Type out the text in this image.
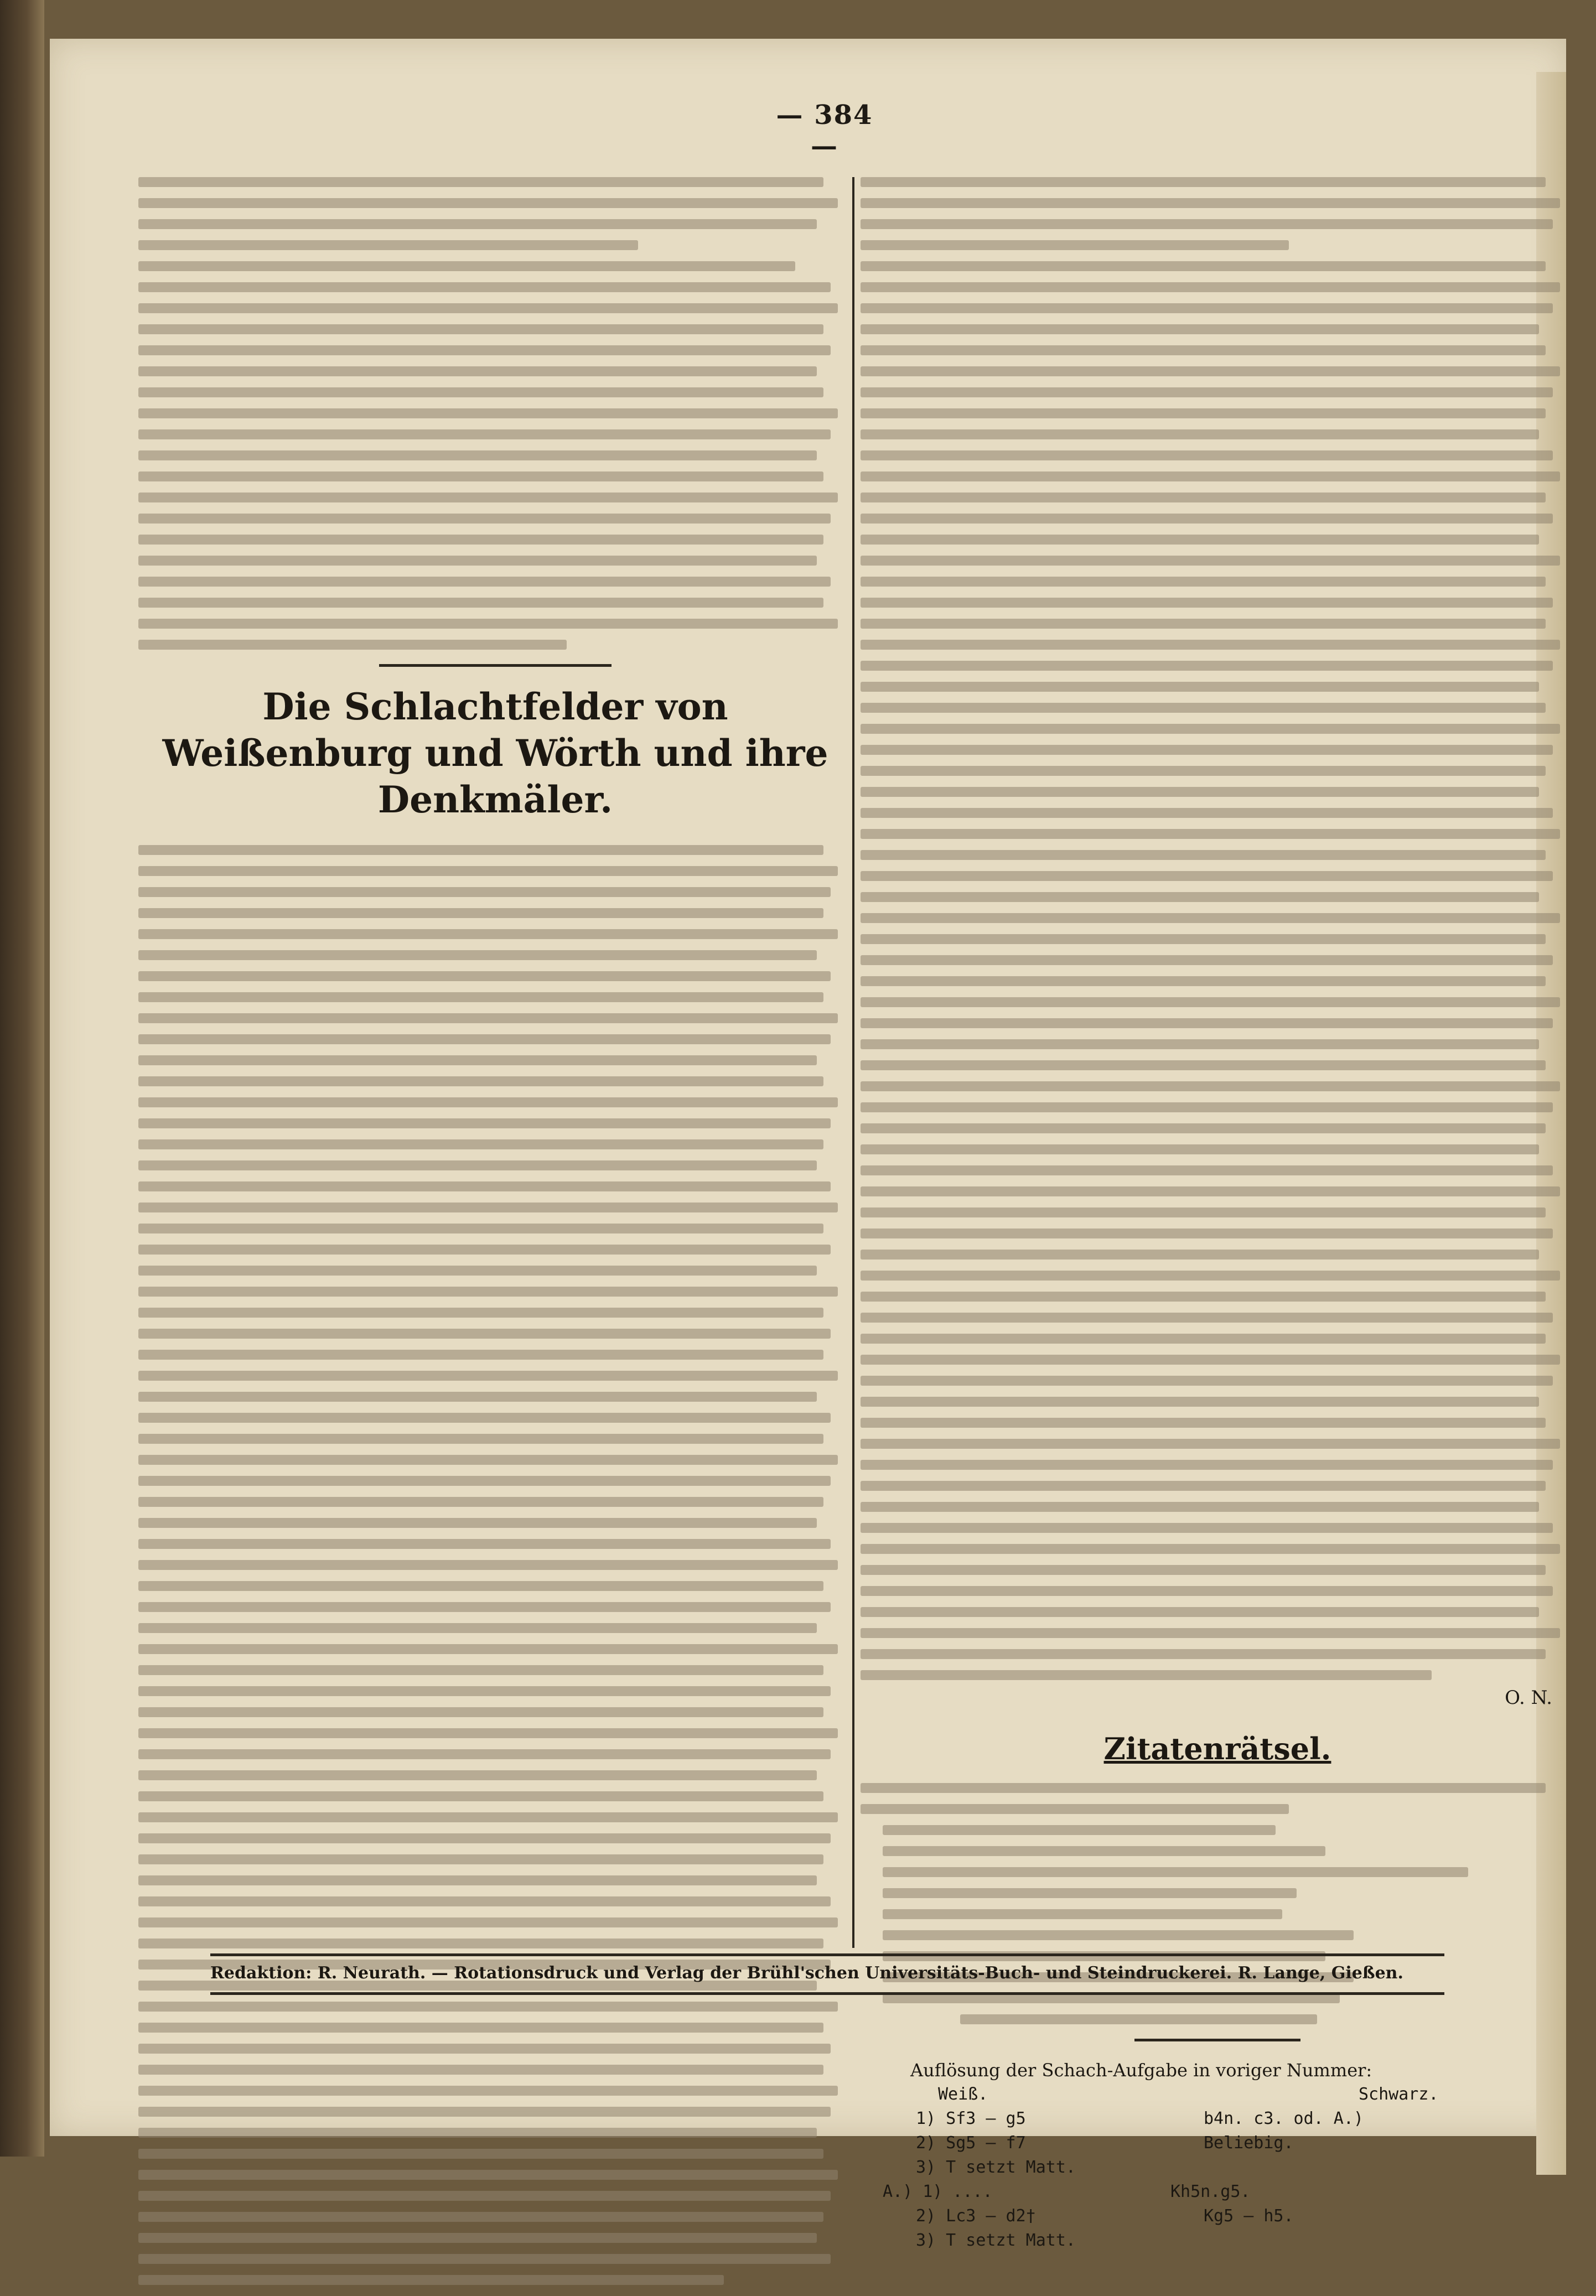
— 384 —
Die Schlachtfelder von Weißenburg und Wörth und ihre Denkmäler.
O. N.
Zitatenrätsel.
Auflösung der Schach-Aufgabe in voriger Nummer:
Weiß.	Schwarz.
1) Sf3 — g5	b4n. c3. od. A.)
2) Sg5 — f7	Beliebig.
3) T setzt Matt.
A.) 1) ....	Kh5n.g5.
2) Lc3 — d2†	Kg5 — h5.
3) T setzt Matt.
Redaktion: R. Neurath. — Rotationsdruck und Verlag der Brühl'schen Universitäts-Buch- und Steindruckerei. R. Lange, Gießen.
